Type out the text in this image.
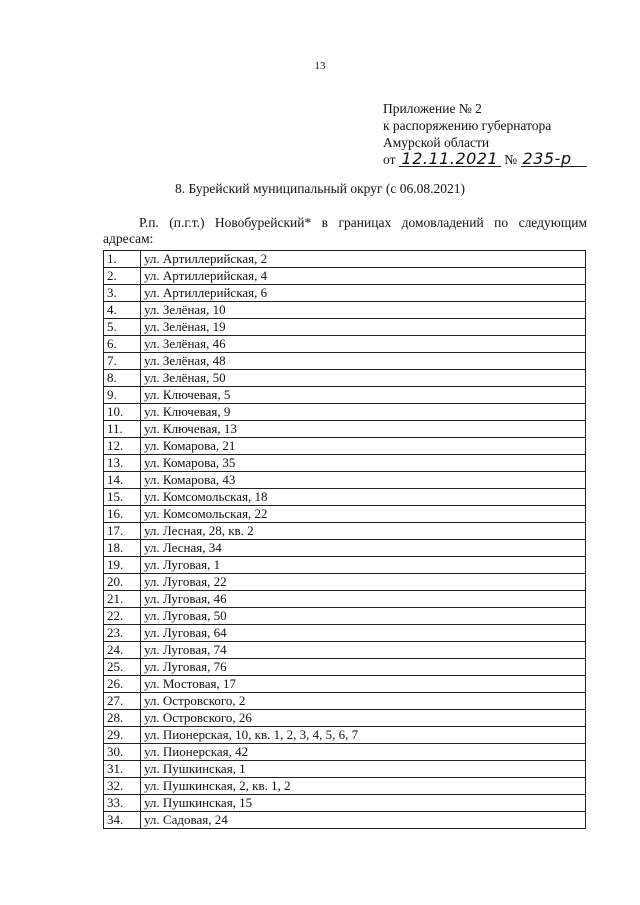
13
Приложение № 2
к распоряжению губернатора
Амурской области
от 12.11.2021 № 235-р
8. Бурейский муниципальный округ (с 06.08.2021)
Р.п. (п.г.т.) Новобурейский* в границах домовладений по следующим
адресам:
1.	ул. Артиллерийская, 2
2.	ул. Артиллерийская, 4
3.	ул. Артиллерийская, 6
4.	ул. Зелёная, 10
5.	ул. Зелёная, 19
6.	ул. Зелёная, 46
7.	ул. Зелёная, 48
8.	ул. Зелёная, 50
9.	ул. Ключевая, 5
10.	ул. Ключевая, 9
11.	ул. Ключевая, 13
12.	ул. Комарова, 21
13.	ул. Комарова, 35
14.	ул. Комарова, 43
15.	ул. Комсомольская, 18
16.	ул. Комсомольская, 22
17.	ул. Лесная, 28, кв. 2
18.	ул. Лесная, 34
19.	ул. Луговая, 1
20.	ул. Луговая, 22
21.	ул. Луговая, 46
22.	ул. Луговая, 50
23.	ул. Луговая, 64
24.	ул. Луговая, 74
25.	ул. Луговая, 76
26.	ул. Мостовая, 17
27.	ул. Островского, 2
28.	ул. Островского, 26
29.	ул. Пионерская, 10, кв. 1, 2, 3, 4, 5, 6, 7
30.	ул. Пионерская, 42
31.	ул. Пушкинская, 1
32.	ул. Пушкинская, 2, кв. 1, 2
33.	ул. Пушкинская, 15
34.	ул. Садовая, 24
